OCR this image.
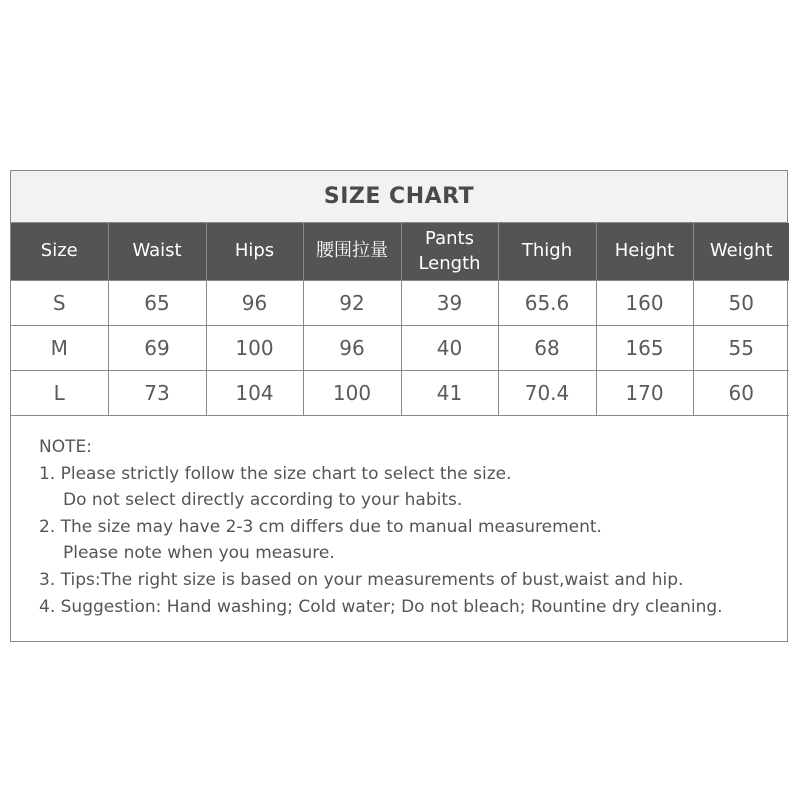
SIZE CHART
Size	Waist	Hips	腰围拉量	Pants Length	Thigh	Height	Weight
S	65	96	92	39	65.6	160	50
M	69	100	96	40	68	165	55
L	73	104	100	41	70.4	170	60
NOTE:
1. Please strictly follow the size chart to select the size.
Do not select directly according to your habits.
2. The size may have 2-3 cm differs due to manual measurement.
Please note when you measure.
3. Tips:The right size is based on your measurements of bust,waist and hip.
4. Suggestion: Hand washing; Cold water; Do not bleach; Rountine dry cleaning.
